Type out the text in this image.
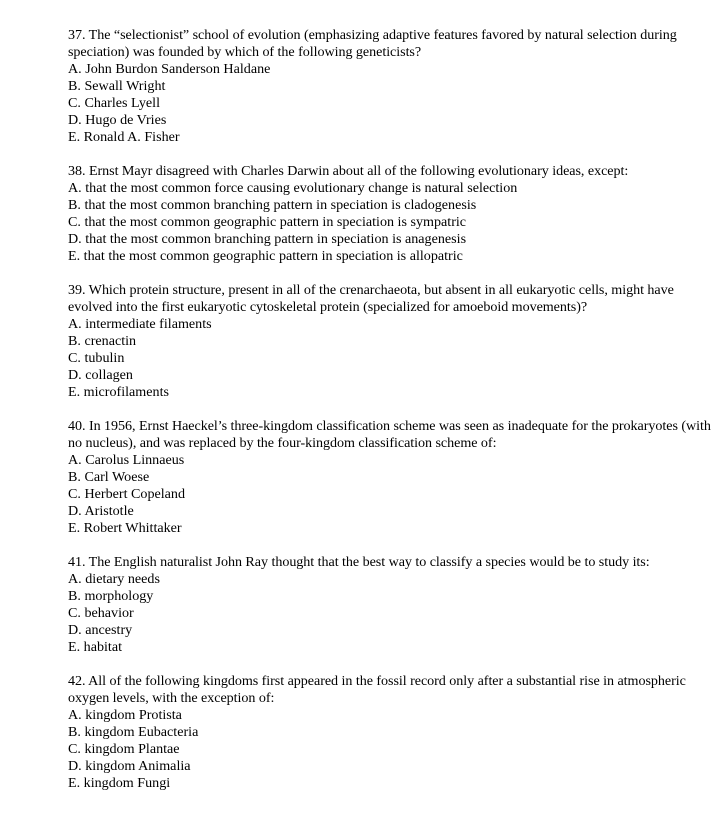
37. The “selectionist” school of evolution (emphasizing adaptive features favored by natural selection during speciation) was founded by which of the following geneticists?
A. John Burdon Sanderson Haldane
B. Sewall Wright
C. Charles Lyell
D. Hugo de Vries
E. Ronald A. Fisher
38. Ernst Mayr disagreed with Charles Darwin about all of the following evolutionary ideas, except:
A. that the most common force causing evolutionary change is natural selection
B. that the most common branching pattern in speciation is cladogenesis
C. that the most common geographic pattern in speciation is sympatric
D. that the most common branching pattern in speciation is anagenesis
E. that the most common geographic pattern in speciation is allopatric
39. Which protein structure, present in all of the crenarchaeota, but absent in all eukaryotic cells, might have evolved into the first eukaryotic cytoskeletal protein (specialized for amoeboid movements)?
A. intermediate filaments
B. crenactin
C. tubulin
D. collagen
E. microfilaments
40. In 1956, Ernst Haeckel’s three-kingdom classification scheme was seen as inadequate for the prokaryotes (with no nucleus), and was replaced by the four-kingdom classification scheme of:
A. Carolus Linnaeus
B. Carl Woese
C. Herbert Copeland
D. Aristotle
E. Robert Whittaker
41. The English naturalist John Ray thought that the best way to classify a species would be to study its:
A. dietary needs
B. morphology
C. behavior
D. ancestry
E. habitat
42. All of the following kingdoms first appeared in the fossil record only after a substantial rise in atmospheric oxygen levels, with the exception of:
A. kingdom Protista
B. kingdom Eubacteria
C. kingdom Plantae
D. kingdom Animalia
E. kingdom Fungi
